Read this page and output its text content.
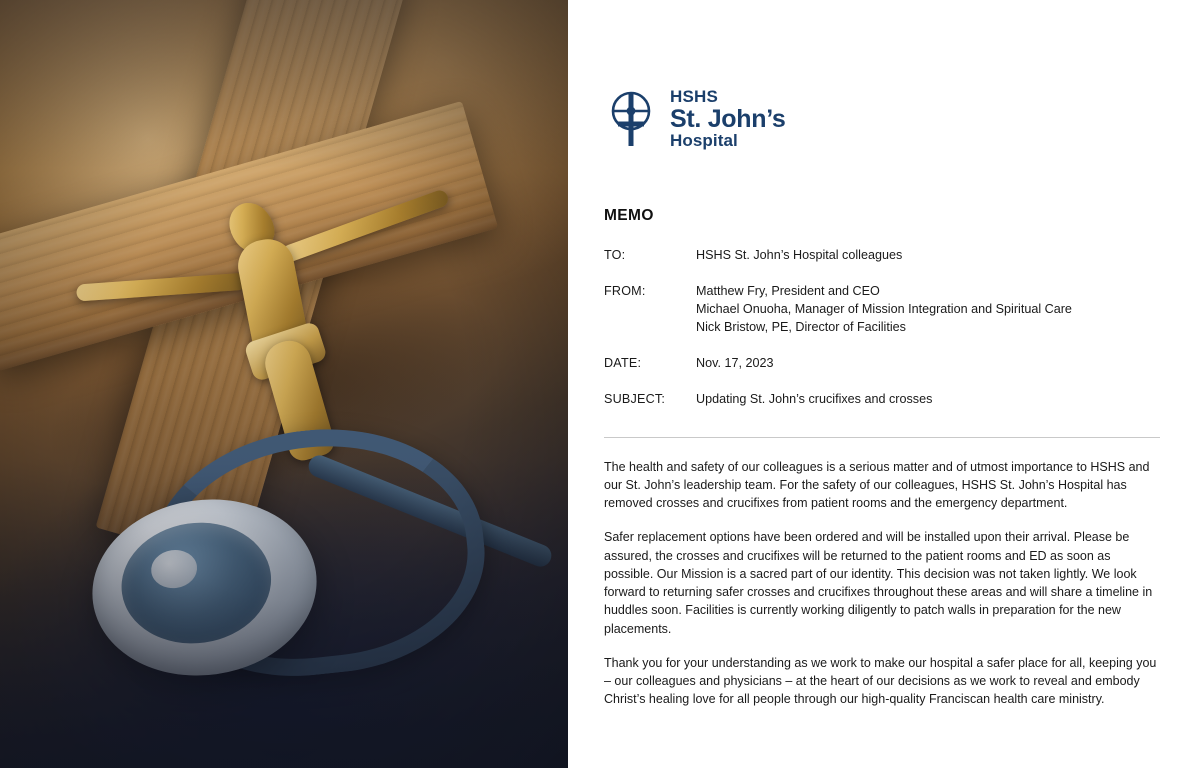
HSHS
St. John’s
Hospital
MEMO
TO:	HSHS St. John’s Hospital colleagues

FROM:	Matthew Fry, President and CEO
Michael Onuoha, Manager of Mission Integration and Spiritual Care
Nick Bristow, PE, Director of Facilities

DATE:	Nov. 17, 2023

SUBJECT:	Updating St. John’s crucifixes and crosses

The health and safety of our colleagues is a serious matter and of utmost importance to HSHS and our St. John’s leadership team. For the safety of our colleagues, HSHS St. John’s Hospital has removed crosses and crucifixes from patient rooms and the emergency department.

Safer replacement options have been ordered and will be installed upon their arrival. Please be assured, the crosses and crucifixes will be returned to the patient rooms and ED as soon as possible. Our Mission is a sacred part of our identity. This decision was not taken lightly. We look forward to returning safer crosses and crucifixes throughout these areas and will share a timeline in huddles soon. Facilities is currently working diligently to patch walls in preparation for the new placements.

Thank you for your understanding as we work to make our hospital a safer place for all, keeping you – our colleagues and physicians – at the heart of our decisions as we work to reveal and embody Christ’s healing love for all people through our high-quality Franciscan health care ministry.
